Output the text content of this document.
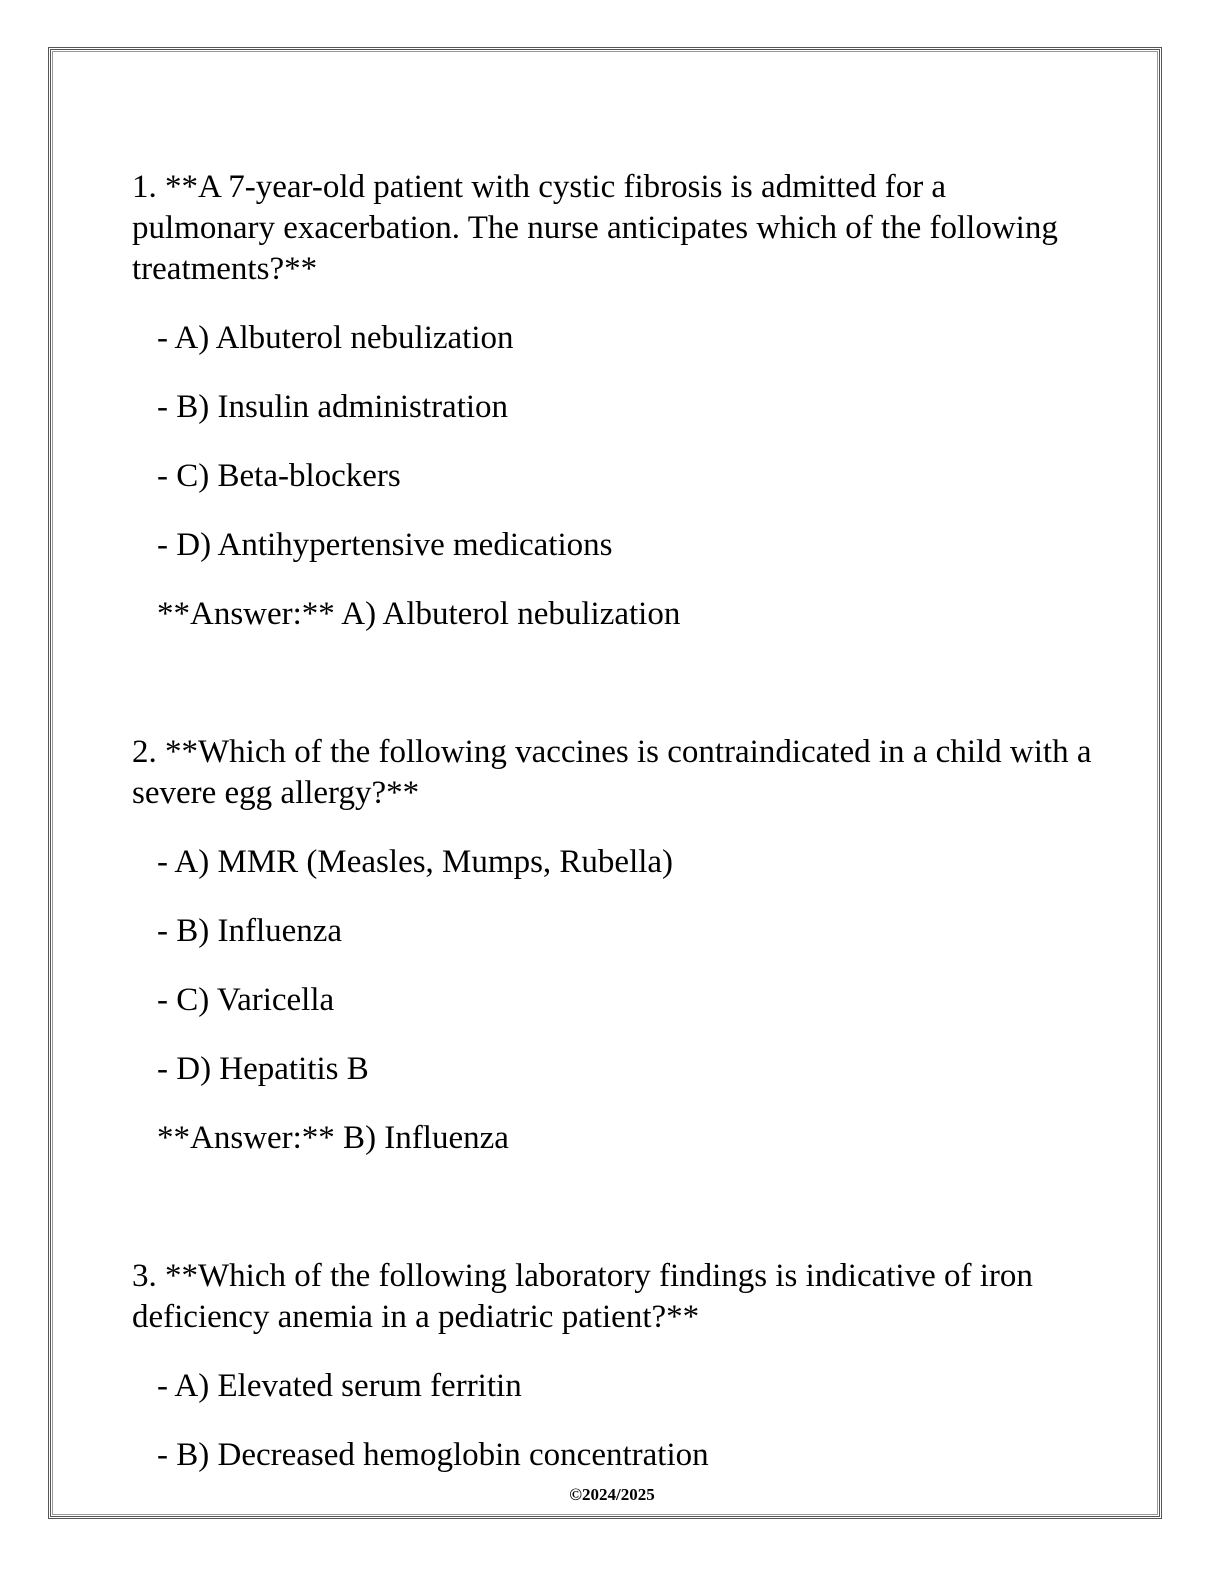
1. **A 7-year-old patient with cystic fibrosis is admitted for a pulmonary exacerbation. The nurse anticipates which of the following treatments?**

- A) Albuterol nebulization

- B) Insulin administration

- C) Beta-blockers

- D) Antihypertensive medications

**Answer:** A) Albuterol nebulization

2. **Which of the following vaccines is contraindicated in a child with a severe egg allergy?**

- A) MMR (Measles, Mumps, Rubella)

- B) Influenza

- C) Varicella

- D) Hepatitis B

**Answer:** B) Influenza

3. **Which of the following laboratory findings is indicative of iron deficiency anemia in a pediatric patient?**

- A) Elevated serum ferritin

- B) Decreased hemoglobin concentration

©2024/2025
